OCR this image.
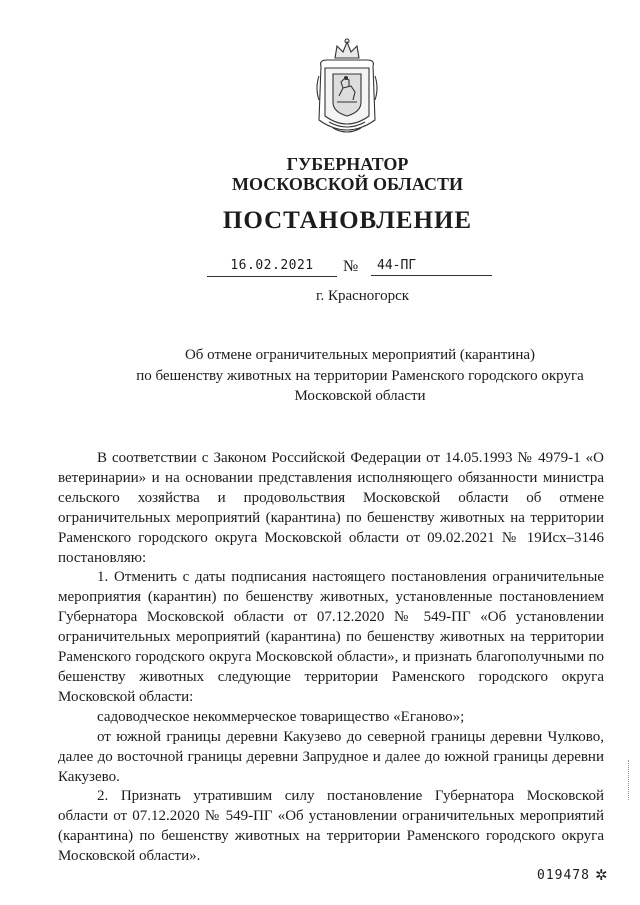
ГУБЕРНАТОР
МОСКОВСКОЙ ОБЛАСТИ
ПОСТАНОВЛЕНИЕ
16.02.2021	№	44-ПГ
г. Красногорск
Об отмене ограничительных мероприятий (карантина)
по бешенству животных на территории Раменского городского округа
Московской области

В соответствии с Законом Российской Федерации от 14.05.1993 № 4979-1 «О ветеринарии» и на основании представления исполняющего обязанности министра сельского хозяйства и продовольствия Московской области об отмене ограничительных мероприятий (карантина) по бешенству животных на территории Раменского городского округа Московской области от 09.02.2021 № 19Исх–3146 постановляю:

1. Отменить с даты подписания настоящего постановления ограничительные мероприятия (карантин) по бешенству животных, установленные постановлением Губернатора Московской области от 07.12.2020 № 549-ПГ «Об установлении ограничительных мероприятий (карантина) по бешенству животных на территории Раменского городского округа Московской области», и признать благополучными по бешенству животных следующие территории Раменского городского округа Московской области:

садоводческое некоммерческое товарищество «Еганово»;

от южной границы деревни Какузево до северной границы деревни Чулково, далее до восточной границы деревни Запрудное и далее до южной границы деревни Какузево.

2. Признать утратившим силу постановление Губернатора Московской области от 07.12.2020 № 549-ПГ «Об установлении ограничительных мероприятий (карантина) по бешенству животных на территории Раменского городского округа Московской области».

019478 ✲
